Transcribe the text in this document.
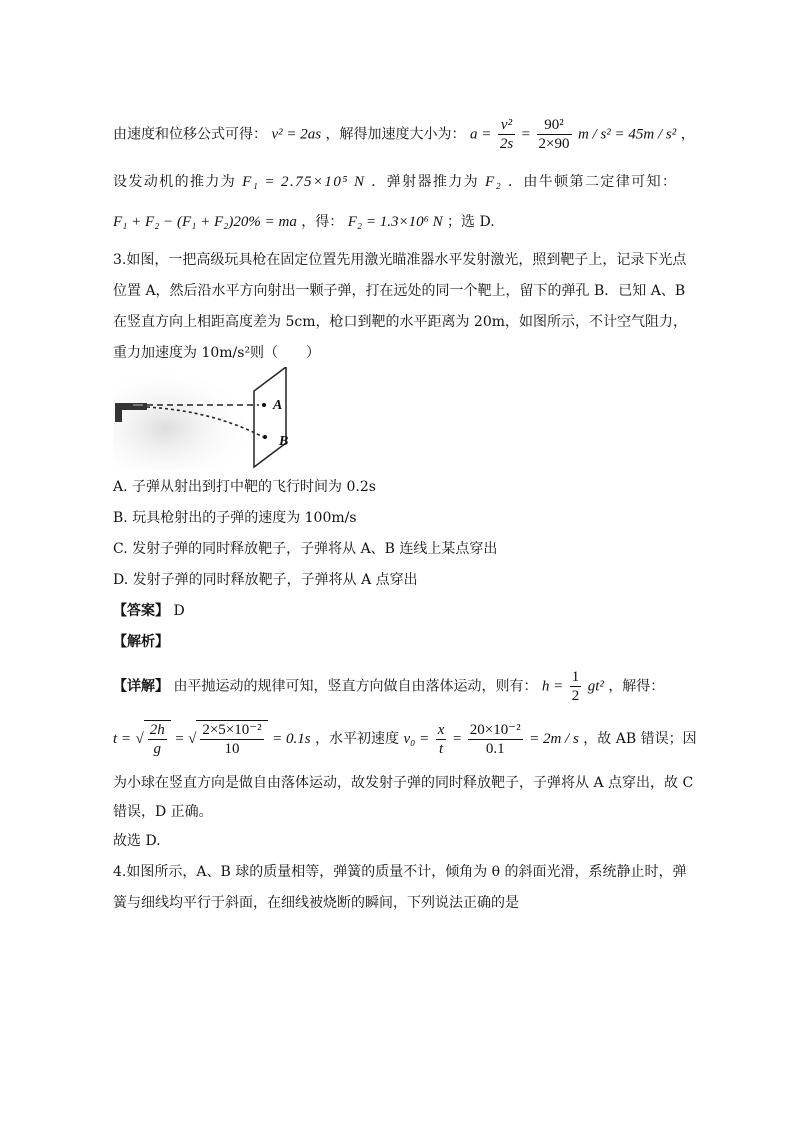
由速度和位移公式可得： v² = 2as ，解得加速度大小为： $a = \frac{\text{v²}}{2s} = \frac{\text{90²}}{2\times 90}$ m / s² = 45m / s² ，
设发动机的推力为 F₁ = 2.75×10⁵ N ．弹射器推力为 F₂ ．由牛顿第二定律可知：
F₁ + F₂ − (F₁ + F₂)20% = ma ，得： F₂ = 1.3×10⁶ N ；选 D.
3.如图，一把高级玩具枪在固定位置先用激光瞄准器水平发射激光，照到靶子上，记录下光点
位置 A，然后沿水平方向射出一颗子弹，打在远处的同一个靶上，留下的弹孔 B．已知 A、B
在竖直方向上相距高度差为 5cm，枪口到靶的水平距离为 20m，如图所示，不计空气阻力，
重力加速度为 10m/s²则（　　）
A
B
A. 子弹从射出到打中靶的飞行时间为 0.2s
B. 玩具枪射出的子弹的速度为 100m/s
C. 发射子弹的同时释放靶子，子弹将从 A、B 连线上某点穿出
D. 发射子弹的同时释放靶子，子弹将从 A 点穿出
【答案】 D
【解析】
【详解】 由平抛运动的规律可知，竖直方向做自由落体运动，则有： $h = \frac{1}{2} gt^2$ ，解得：
t = √ $\frac{2h}{g}$ = √ $\frac{\text{2×5×10⁻²}}{10} = 0.1s$ ，水平初速度 $v_0 = \frac{x}{t} = \frac{\text{20×10⁻²}}{0.1} = 2m / s$ ，故 AB 错误；因
为小球在竖直方向是做自由落体运动，故发射子弹的同时释放靶子，子弹将从 A 点穿出，故 C
错误，D 正确。
故选 D.
4.如图所示，A、B 球的质量相等，弹簧的质量不计，倾角为 θ 的斜面光滑，系统静止时，弹
簧与细线均平行于斜面，在细线被烧断的瞬间，下列说法正确的是
